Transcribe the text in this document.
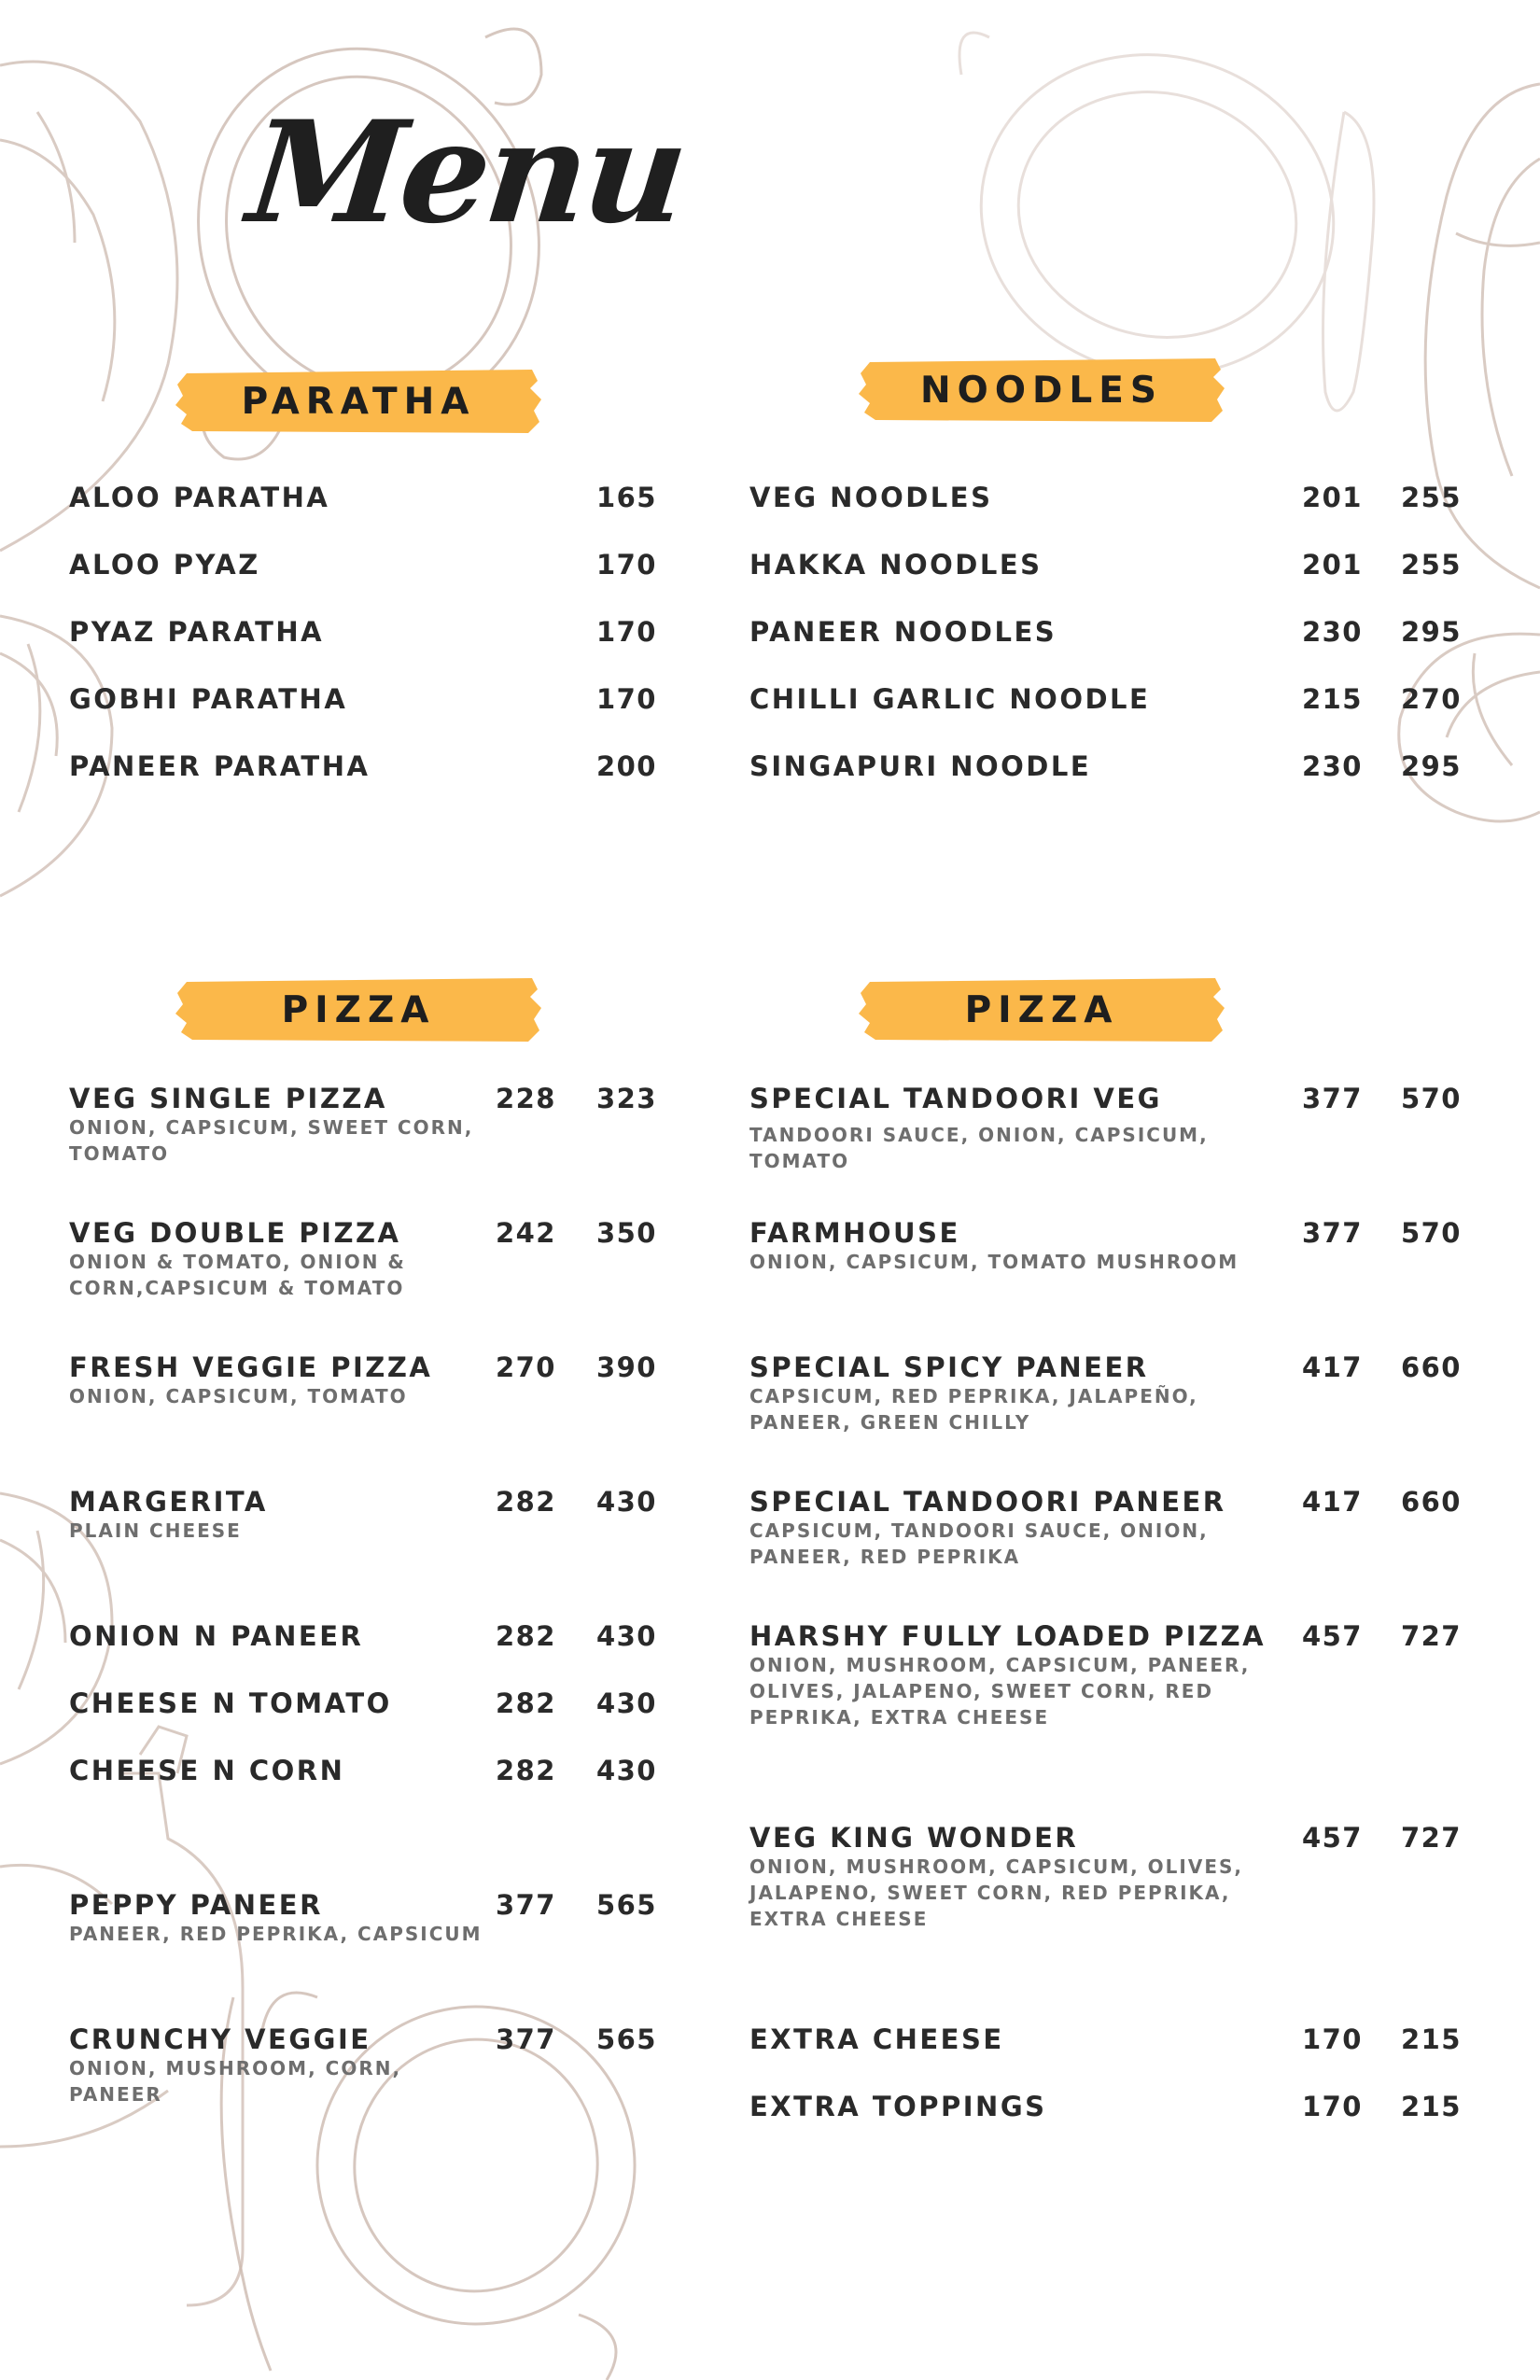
Menu
PARATHA	NOODLES
PIZZA	PIZZA
ALOO PARATHA	165
ALOO PYAZ	170
PYAZ PARATHA	170
GOBHI PARATHA	170
PANEER PARATHA	200
VEG NOODLES	201	255
HAKKA NOODLES	201	255
PANEER NOODLES	230	295
CHILLI GARLIC NOODLE	215	270
SINGAPURI NOODLE	230	295
VEG SINGLE PIZZA	228	323
ONION, CAPSICUM, SWEET CORN,
TOMATO
VEG DOUBLE PIZZA	242	350
ONION & TOMATO, ONION &
CORN,CAPSICUM & TOMATO
FRESH VEGGIE PIZZA	270	390
ONION, CAPSICUM, TOMATO
MARGERITA	282	430
PLAIN CHEESE
ONION N PANEER	282	430
CHEESE N TOMATO	282	430
CHEESE N CORN	282	430
PEPPY PANEER	377	565
PANEER, RED PEPRIKA, CAPSICUM
CRUNCHY VEGGIE	377	565
ONION, MUSHROOM, CORN,
PANEER
SPECIAL TANDOORI VEG	377	570
TANDOORI SAUCE, ONION, CAPSICUM,
TOMATO
FARMHOUSE	377	570
ONION, CAPSICUM, TOMATO MUSHROOM
SPECIAL SPICY PANEER	417	660
CAPSICUM, RED PEPRIKA, JALAPEÑO,
PANEER, GREEN CHILLY
SPECIAL TANDOORI PANEER	417	660
CAPSICUM, TANDOORI SAUCE, ONION,
PANEER, RED PEPRIKA
HARSHY FULLY LOADED PIZZA	457	727
ONION, MUSHROOM, CAPSICUM, PANEER,
OLIVES, JALAPENO, SWEET CORN, RED
PEPRIKA, EXTRA CHEESE
VEG KING WONDER	457	727
ONION, MUSHROOM, CAPSICUM, OLIVES,
JALAPENO, SWEET CORN, RED PEPRIKA,
EXTRA CHEESE
EXTRA CHEESE	170	215
EXTRA TOPPINGS	170	215
